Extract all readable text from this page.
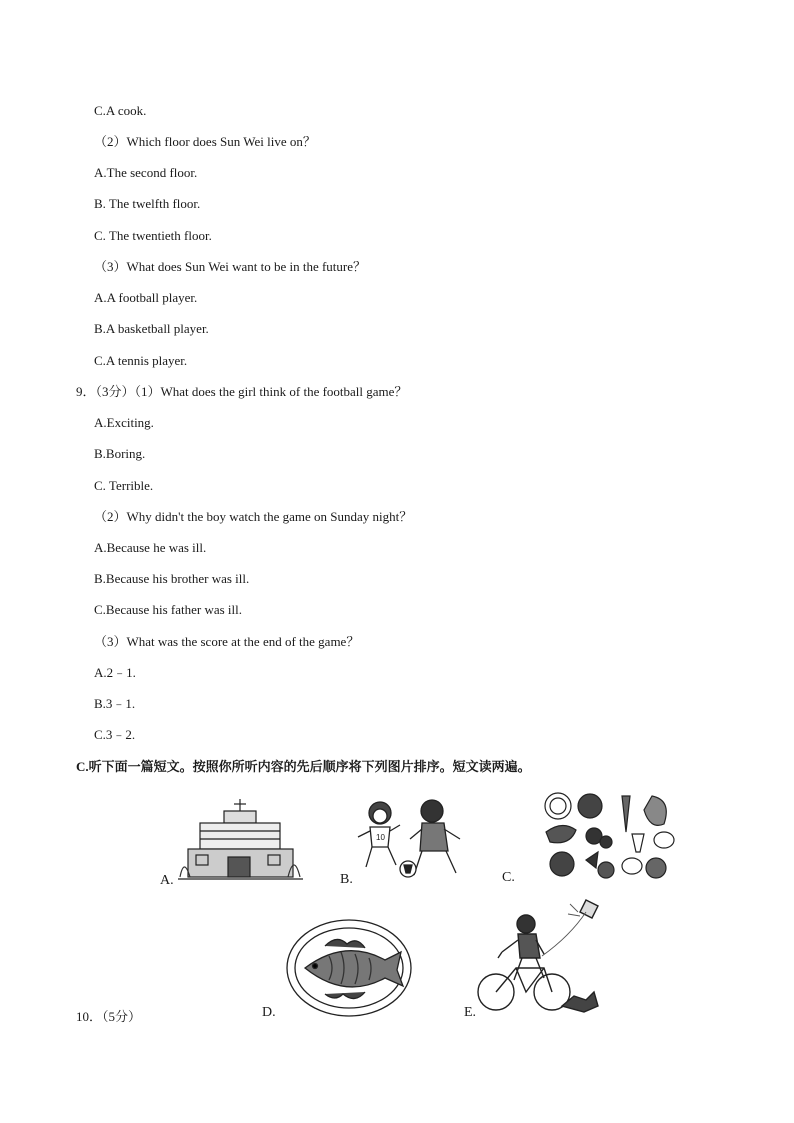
C.A cook.
（2）Which floor does Sun Wei live on？
A.The second floor.
B. The twelfth floor.
C. The twentieth floor.
（3）What does Sun Wei want to be in the future？
A.A football player.
B.A basketball player.
C.A tennis player.
9．（3分）（1）What does the girl think of the football game？
A.Exciting.
B.Boring.
C. Terrible.
（2）Why didn't the boy watch the game on Sunday night？
A.Because he was ill.
B.Because his brother was ill.
C.Because his father was ill.
（3）What was the score at the end of the game？
A.2﹣1.
B.3﹣1.
C.3﹣2.
C.听下面一篇短文。按照你所听内容的先后顺序将下列图片排序。短文读两遍。
A.
10
B.	C.
D.	E.
10．（5分）
